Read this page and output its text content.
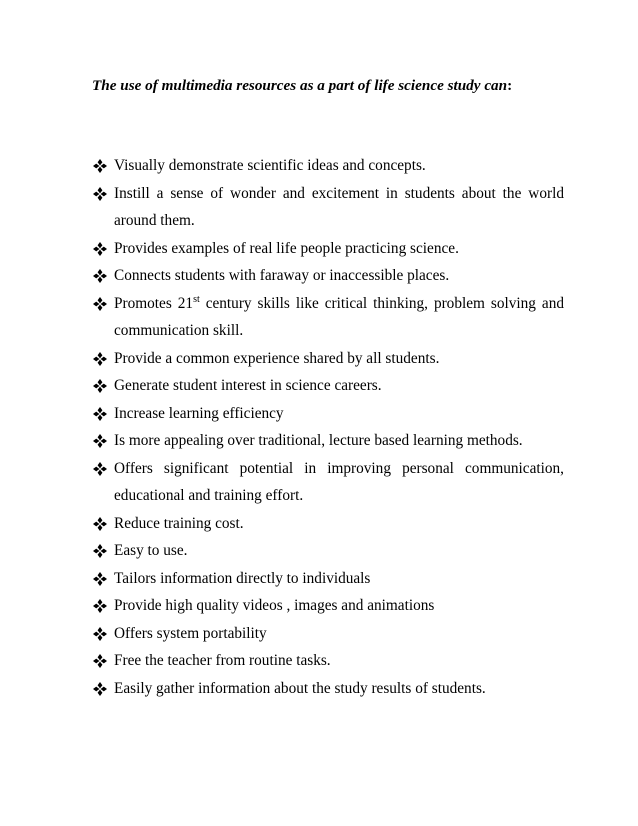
The use of multimedia resources as a part of life science study can:
Visually demonstrate scientific ideas and concepts.
Instill a sense of wonder and excitement in students about the world around them.
Provides examples of real life people practicing science.
Connects students with faraway or inaccessible places.
Promotes 21st century skills like critical thinking, problem solving and communication skill.
Provide a common experience shared by all students.
Generate student interest in science careers.
Increase learning efficiency
Is more appealing over traditional, lecture based learning methods.
Offers significant potential in improving personal communication, educational and training effort.
Reduce training cost.
Easy to use.
Tailors information directly to individuals
Provide high quality videos , images and animations
Offers system portability
Free the teacher from routine tasks.
Easily gather information about the study results of students.
